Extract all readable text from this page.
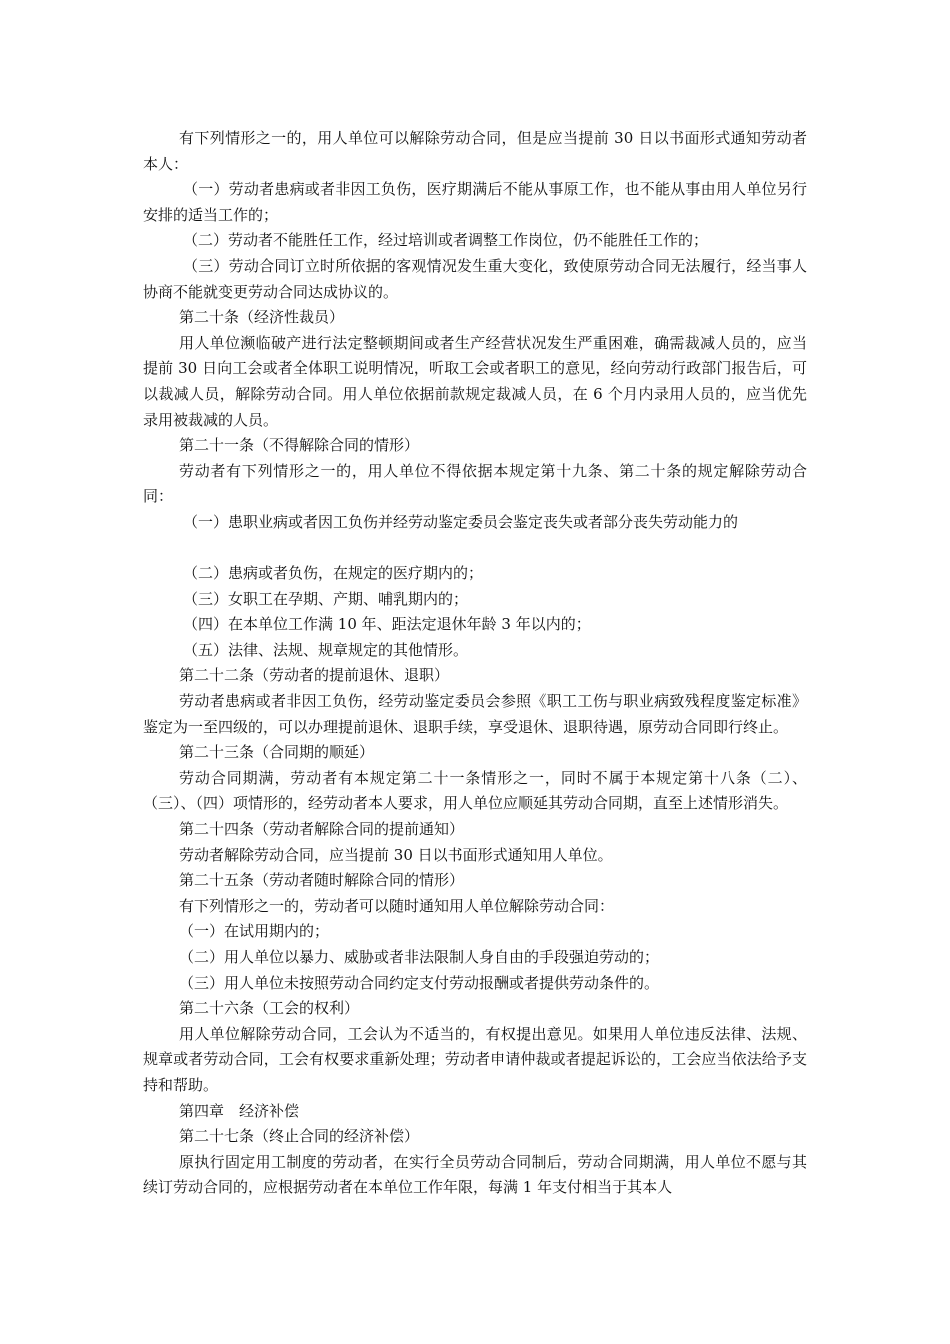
有下列情形之一的，用人单位可以解除劳动合同，但是应当提前 30 日以书面形式通知劳动者本人：

（一）劳动者患病或者非因工负伤，医疗期满后不能从事原工作，也不能从事由用人单位另行安排的适当工作的；

（二）劳动者不能胜任工作，经过培训或者调整工作岗位，仍不能胜任工作的；

（三）劳动合同订立时所依据的客观情况发生重大变化，致使原劳动合同无法履行，经当事人协商不能就变更劳动合同达成协议的。

第二十条（经济性裁员）

用人单位濒临破产进行法定整顿期间或者生产经营状况发生严重困难，确需裁减人员的，应当提前 30 日向工会或者全体职工说明情况，听取工会或者职工的意见，经向劳动行政部门报告后，可以裁减人员，解除劳动合同。用人单位依据前款规定裁减人员，在 6 个月内录用人员的，应当优先录用被裁减的人员。

第二十一条（不得解除合同的情形）

劳动者有下列情形之一的，用人单位不得依据本规定第十九条、第二十条的规定解除劳动合同：

（一）患职业病或者因工负伤并经劳动鉴定委员会鉴定丧失或者部分丧失劳动能力的

（二）患病或者负伤，在规定的医疗期内的；

（三）女职工在孕期、产期、哺乳期内的；

（四）在本单位工作满 10 年、距法定退休年龄 3 年以内的；

（五）法律、法规、规章规定的其他情形。

第二十二条（劳动者的提前退休、退职）

劳动者患病或者非因工负伤，经劳动鉴定委员会参照《职工工伤与职业病致残程度鉴定标准》鉴定为一至四级的，可以办理提前退休、退职手续，享受退休、退职待遇，原劳动合同即行终止。

第二十三条（合同期的顺延）

劳动合同期满，劳动者有本规定第二十一条情形之一，同时不属于本规定第十八条（二）、（三）、（四）项情形的，经劳动者本人要求，用人单位应顺延其劳动合同期，直至上述情形消失。

第二十四条（劳动者解除合同的提前通知）

劳动者解除劳动合同，应当提前 30 日以书面形式通知用人单位。

第二十五条（劳动者随时解除合同的情形）

有下列情形之一的，劳动者可以随时通知用人单位解除劳动合同：

（一）在试用期内的；

（二）用人单位以暴力、威胁或者非法限制人身自由的手段强迫劳动的；

（三）用人单位未按照劳动合同约定支付劳动报酬或者提供劳动条件的。

第二十六条（工会的权利）

用人单位解除劳动合同，工会认为不适当的，有权提出意见。如果用人单位违反法律、法规、规章或者劳动合同，工会有权要求重新处理；劳动者申请仲裁或者提起诉讼的，工会应当依法给予支持和帮助。

第四章　经济补偿

第二十七条（终止合同的经济补偿）

原执行固定用工制度的劳动者，在实行全员劳动合同制后，劳动合同期满，用人单位不愿与其续订劳动合同的，应根据劳动者在本单位工作年限，每满 1 年支付相当于其本人
